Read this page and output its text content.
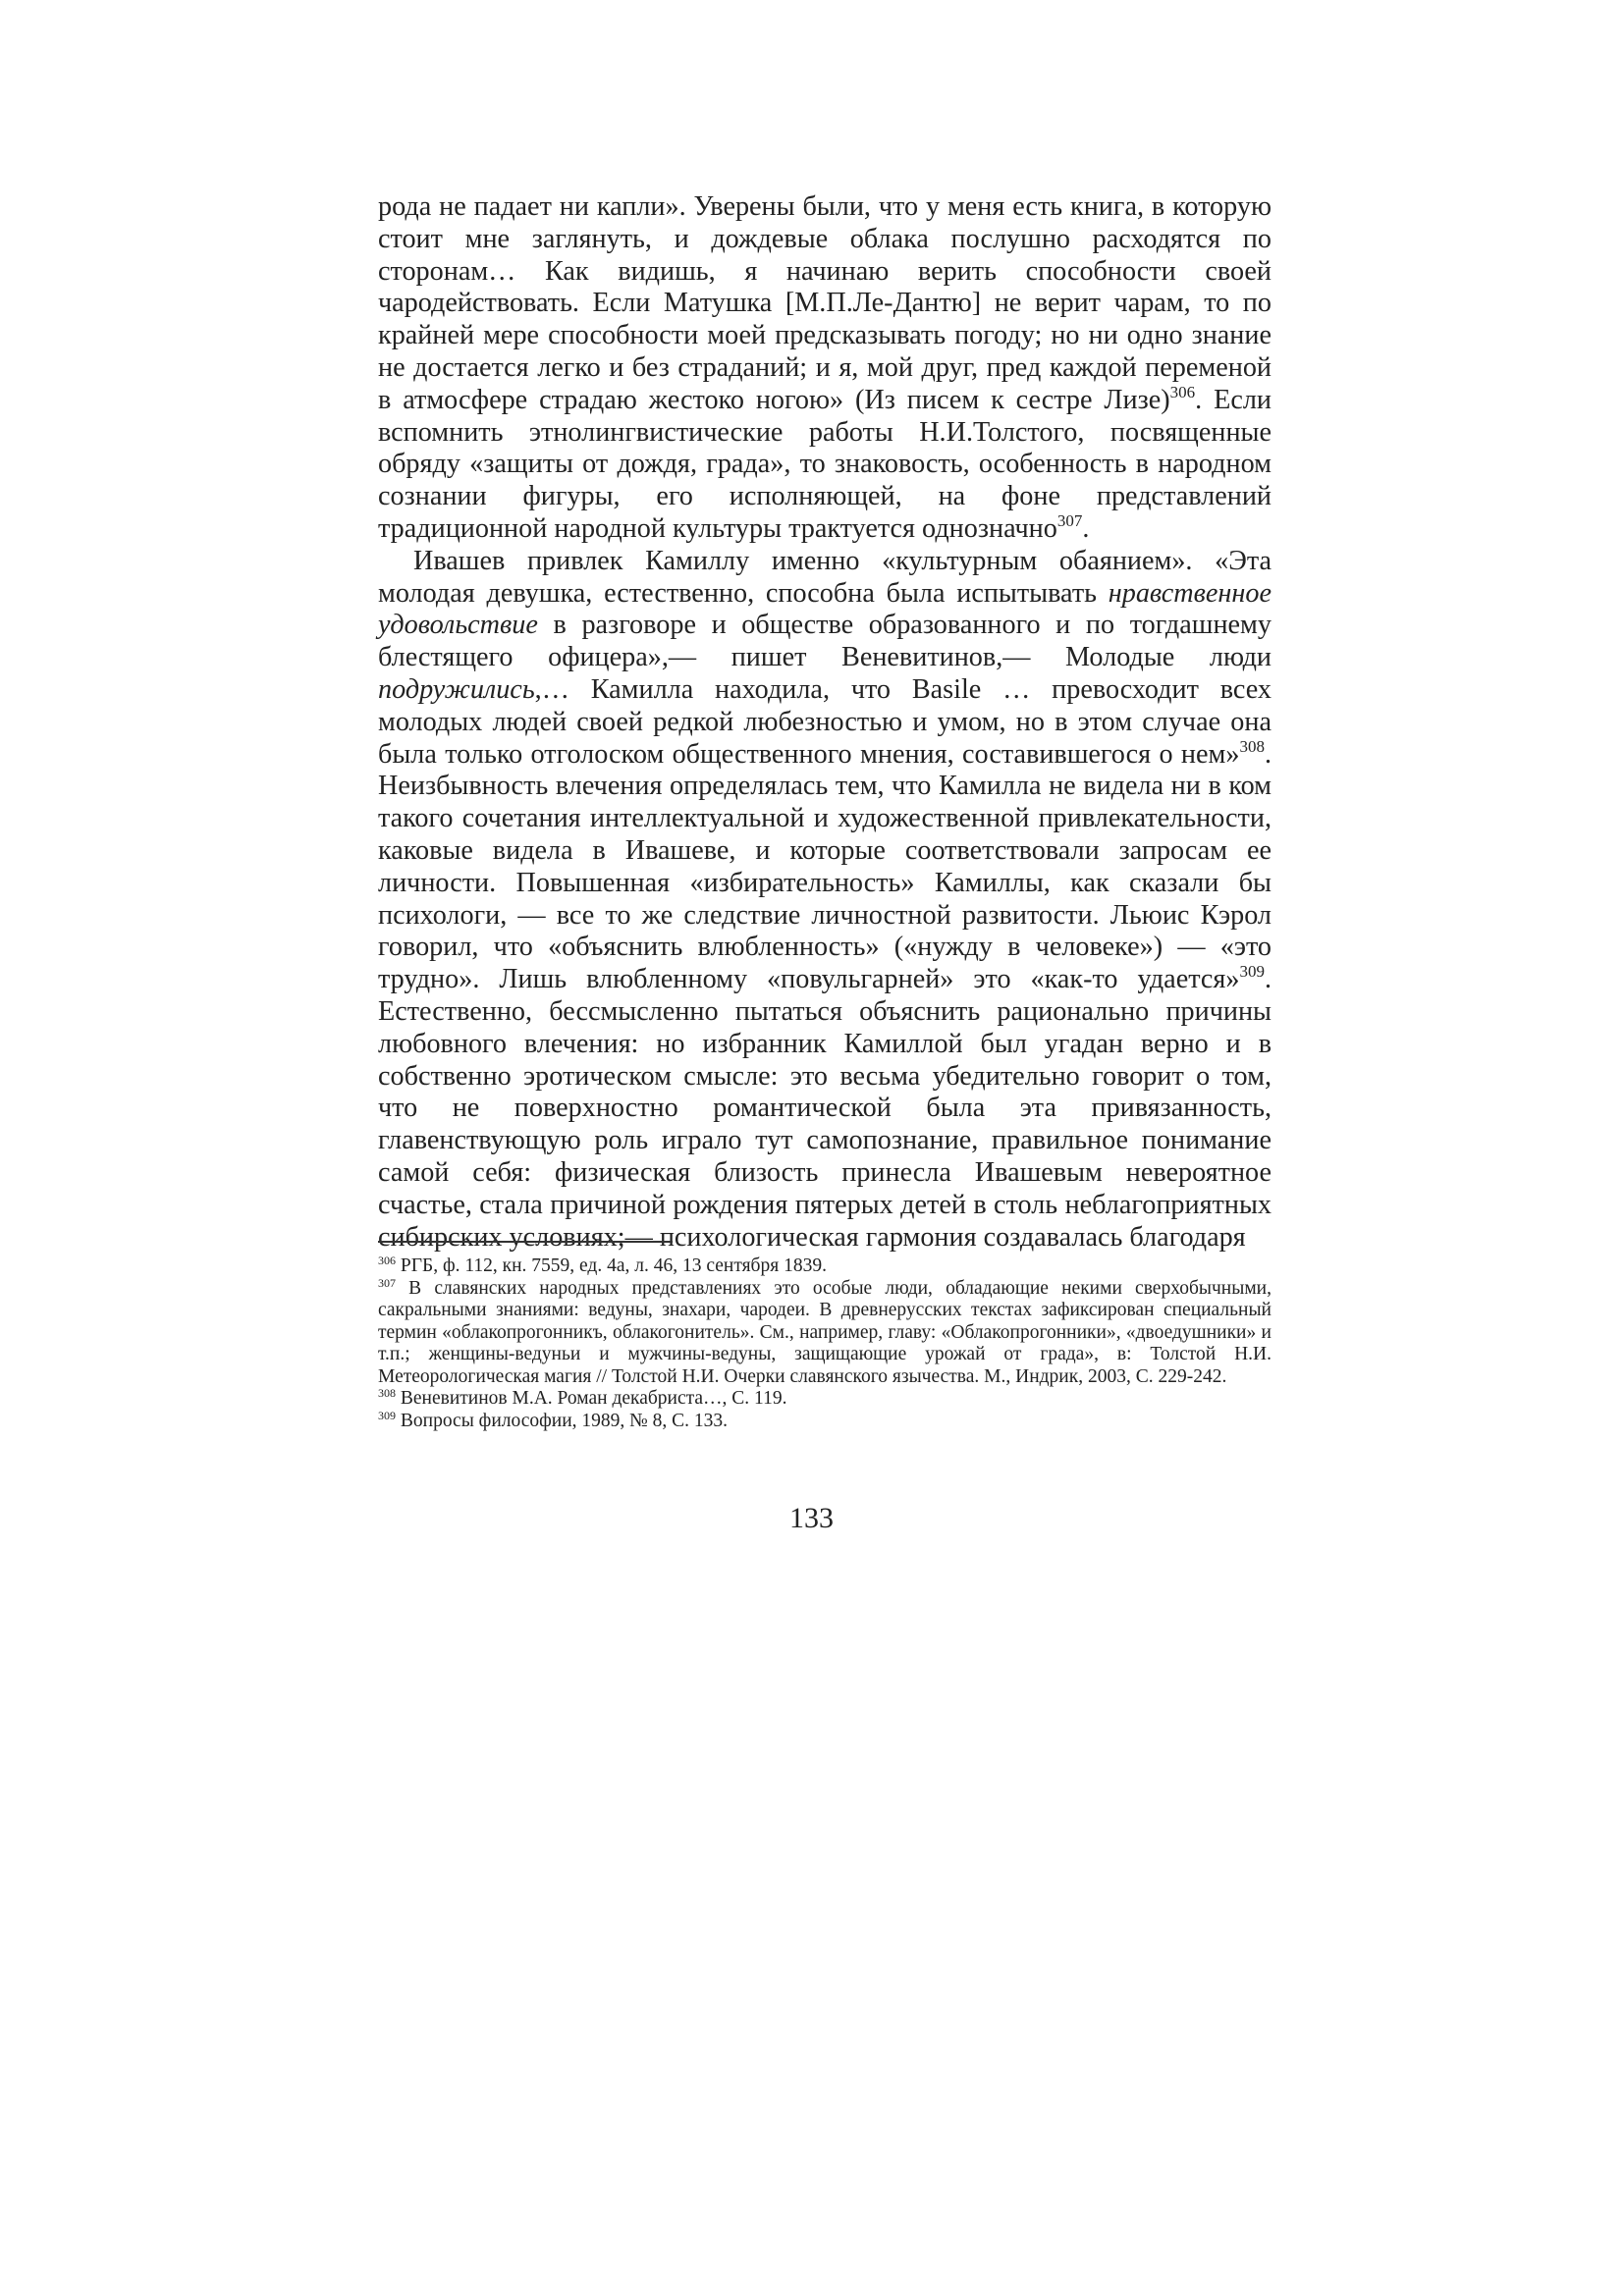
рода не падает ни капли». Уверены были, что у меня есть книга, в которую стоит мне заглянуть, и дождевые облака послушно расходятся по сторонам… Как видишь, я начинаю верить способности своей чародействовать. Если Матушка [М.П.Ле-Дантю] не верит чарам, то по крайней мере способности моей предсказывать погоду; но ни одно знание не достается легко и без страданий; и я, мой друг, пред каждой переменой в атмосфере страдаю жестоко ногою» (Из писем к сестре Лизе)$^{306}$. Если вспомнить этнолингвистические работы Н.И.Толстого, посвященные обряду «защиты от дождя, града», то знаковость, особенность в народном сознании фигуры, его исполняющей, на фоне представлений традиционной народной культуры трактуется однозначно$^{307}$.

Ивашев привлек Камиллу именно «культурным обаянием». «Эта молодая девушка, естественно, способна была испытывать нравственное удовольствие в разговоре и обществе образованного и по тогдашнему блестящего офицера»,— пишет Веневитинов,— Молодые люди подружились,… Камилла находила, что Basile … превосходит всех молодых людей своей редкой любезностью и умом, но в этом случае она была только отголоском общественного мнения, составившегося о нем»$^{308}$. Неизбывность влечения определялась тем, что Камилла не видела ни в ком такого сочетания интеллектуальной и художественной привлекательности, каковые видела в Ивашеве, и которые соответствовали запросам ее личности. Повышенная «избирательность» Камиллы, как сказали бы психологи, — все то же следствие личностной развитости. Льюис Кэрол говорил, что «объяснить влюбленность» («нужду в человеке») — «это трудно». Лишь влюбленному «повульгарней» это «как-то удается»$^{309}$. Естественно, бессмысленно пытаться объяснить рационально причины любовного влечения: но избранник Камиллой был угадан верно и в собственно эротическом смысле: это весьма убедительно говорит о том, что не поверхностно романтической была эта привязанность, главенствующую роль играло тут самопознание, правильное понимание самой себя: физическая близость принесла Ивашевым невероятное счастье, стала причиной рождения пятерых детей в столь неблагоприятных сибирских условиях;— психологическая гармония создавалась благодаря

$^{306}$ РГБ, ф. 112, кн. 7559, ед. 4а, л. 46, 13 сентября 1839.

$^{307}$ В славянских народных представлениях это особые люди, обладающие некими сверхобычными, сакральными знаниями: ведуны, знахари, чародеи. В древнерусских текстах зафиксирован специальный термин «облакопрогонникъ, облакогонитель». См., например, главу: «Облакопрогонники», «двоедушники» и т.п.; женщины-ведуньи и мужчины-ведуны, защищающие урожай от града», в: Толстой Н.И. Метеорологическая магия // Толстой Н.И. Очерки славянского язычества. М., Индрик, 2003, С. 229-242.

$^{308}$ Веневитинов М.А. Роман декабриста…, С. 119.

$^{309}$ Вопросы философии, 1989, № 8, С. 133.

133
